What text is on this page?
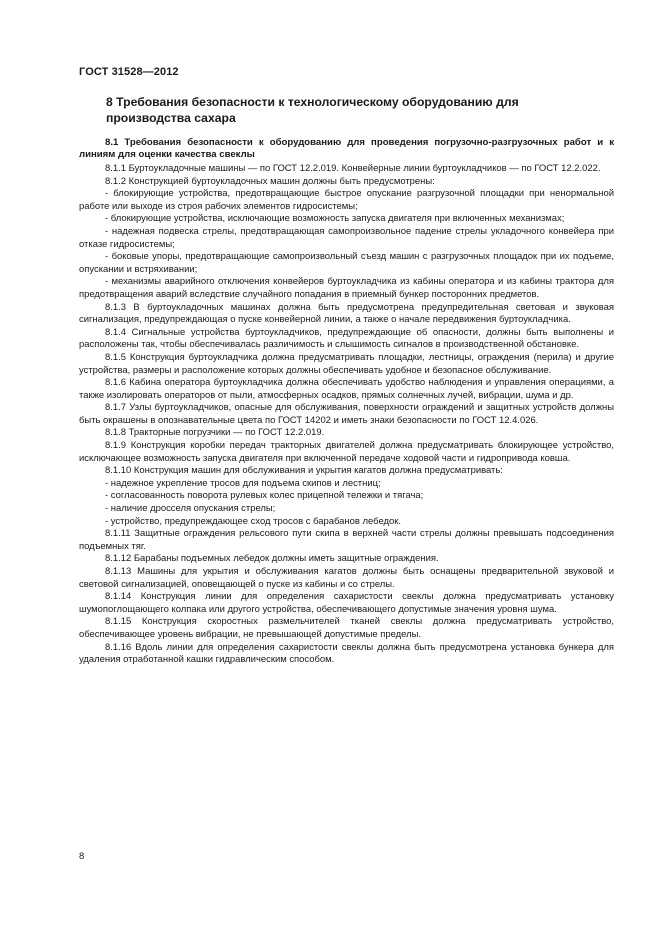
ГОСТ 31528—2012
8 Требования безопасности к технологическому оборудованию для производства сахара
8.1 Требования безопасности к оборудованию для проведения погрузочно-разгрузочных работ и к линиям для оценки качества свеклы

8.1.1 Буртоукладочные машины — по ГОСТ 12.2.019. Конвейерные линии буртоукладчиков — по ГОСТ 12.2.022.

8.1.2 Конструкцией буртоукладочных машин должны быть предусмотрены:

- блокирующие устройства, предотвращающие быстрое опускание разгрузочной площадки при ненормальной работе или выходе из строя рабочих элементов гидросистемы;

- блокирующие устройства, исключающие возможность запуска двигателя при включенных механизмах;

- надежная подвеска стрелы, предотвращающая самопроизвольное падение стрелы укладочного конвейера при отказе гидросистемы;

- боковые упоры, предотвращающие самопроизвольный съезд машин с разгрузочных площадок при их подъеме, опускании и встряхивании;

- механизмы аварийного отключения конвейеров буртоукладчика из кабины оператора и из кабины трактора для предотвращения аварий вследствие случайного попадания в приемный бункер посторонних предметов.

8.1.3 В буртоукладочных машинах должна быть предусмотрена предупредительная световая и звуковая сигнализация, предупреждающая о пуске конвейерной линии, а также о начале передвижения буртоукладчика.

8.1.4 Сигнальные устройства буртоукладчиков, предупреждающие об опасности, должны быть выполнены и расположены так, чтобы обеспечивалась различимость и слышимость сигналов в производственной обстановке.

8.1.5 Конструкция буртоукладчика должна предусматривать площадки, лестницы, ограждения (перила) и другие устройства, размеры и расположение которых должны обеспечивать удобное и безопасное обслуживание.

8.1.6 Кабина оператора буртоукладчика должна обеспечивать удобство наблюдения и управления операциями, а также изолировать операторов от пыли, атмосферных осадков, прямых солнечных лучей, вибрации, шума и др.

8.1.7 Узлы буртоукладчиков, опасные для обслуживания, поверхности ограждений и защитных устройств должны быть окрашены в опознавательные цвета по ГОСТ 14202 и иметь знаки безопасности по ГОСТ 12.4.026.

8.1.8 Тракторные погрузчики — по ГОСТ 12.2.019.

8.1.9 Конструкция коробки передач тракторных двигателей должна предусматривать блокирующее устройство, исключающее возможность запуска двигателя при включенной передаче ходовой части и гидропривода ковша.

8.1.10 Конструкция машин для обслуживания и укрытия кагатов должна предусматривать:

- надежное укрепление тросов для подъема скипов и лестниц;

- согласованность поворота рулевых колес прицепной тележки и тягача;

- наличие дросселя опускания стрелы;

- устройство, предупреждающее сход тросов с барабанов лебедок.

8.1.11 Защитные ограждения рельсового пути скипа в верхней части стрелы должны превышать подсоединения подъемных тяг.

8.1.12 Барабаны подъемных лебедок должны иметь защитные ограждения.

8.1.13 Машины для укрытия и обслуживания кагатов должны быть оснащены предварительной звуковой и световой сигнализацией, оповещающей о пуске из кабины и со стрелы.

8.1.14 Конструкция линии для определения сахаристости свеклы должна предусматривать установку шумопоглощающего колпака или другого устройства, обеспечивающего допустимые значения уровня шума.

8.1.15 Конструкция скоростных размельчителей тканей свеклы должна предусматривать устройство, обеспечивающее уровень вибрации, не превышающей допустимые пределы.

8.1.16 Вдоль линии для определения сахаристости свеклы должна быть предусмотрена установка бункера для удаления отработанной кашки гидравлическим способом.

8
